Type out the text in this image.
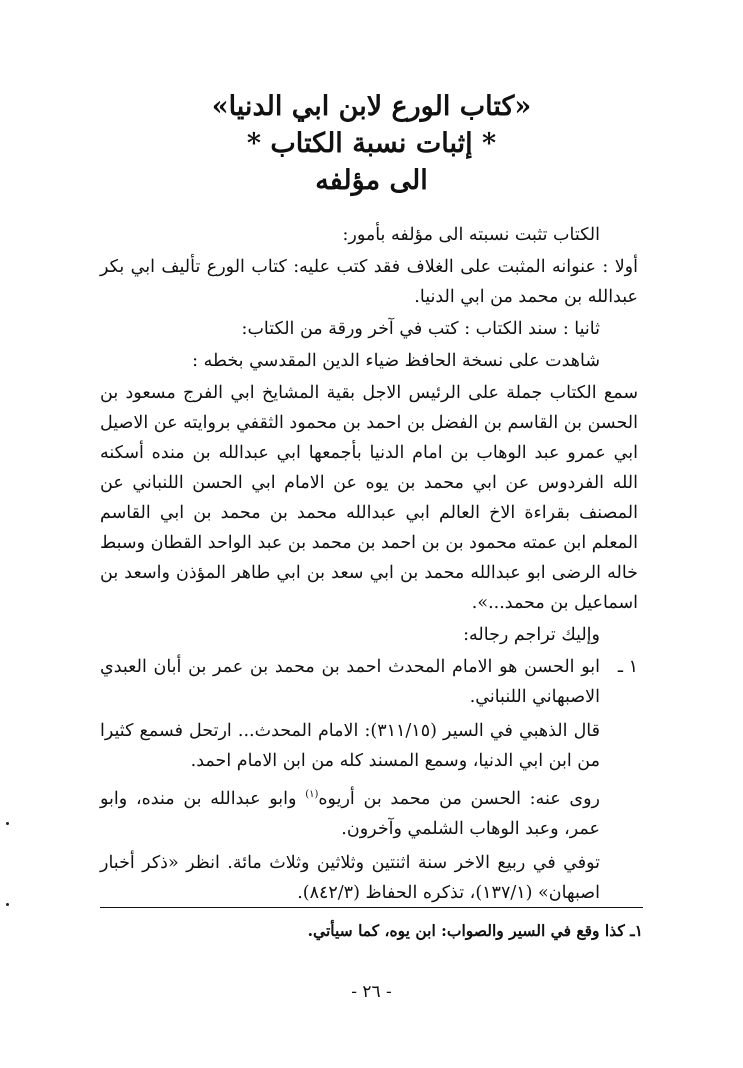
«كتاب الورع لابن ابي الدنيا»
* إثبات نسبة الكتاب *
الى مؤلفه

الكتاب تثبت نسبته الى مؤلفه بأمور:

أولا : عنوانه المثبت على الغلاف فقد كتب عليه: كتاب الورع تأليف ابي بكر عبدالله بن محمد من ابي الدنيا.

ثانيا : سند الكتاب : كتب في آخر ورقة من الكتاب:

شاهدت على نسخة الحافظ ضياء الدين المقدسي بخطه :

سمع الكتاب جملة على الرئيس الاجل بقية المشايخ ابي الفرج مسعود بن الحسن بن القاسم بن الفضل بن احمد بن محمود الثقفي بروايته عن الاصيل ابي عمرو عبد الوهاب بن امام الدنيا بأجمعها ابي عبدالله بن منده أسكنه الله الفردوس عن ابي محمد بن يوه عن الامام ابي الحسن اللنباني عن المصنف بقراءة الاخ العالم ابي عبدالله محمد بن محمد بن ابي القاسم المعلم ابن عمته محمود بن بن احمد بن محمد بن عبد الواحد القطان وسبط خاله الرضى ابو عبدالله محمد بن ابي سعد بن ابي طاهر المؤذن واسعد بن اسماعيل بن محمد...».

وإليك تراجم رجاله:

١ ـ

ابو الحسن هو الامام المحدث احمد بن محمد بن عمر بن أبان العبدي الاصبهاني اللنباني.

قال الذهبي في السير (٣١١/١٥): الامام المحدث... ارتحل فسمع كثيرا من ابن ابي الدنيا، وسمع المسند كله من ابن الامام احمد.

روى عنه: الحسن من محمد بن أريوه$^{(١)}$ وابو عبدالله بن منده، وابو عمر، وعبد الوهاب الشلمي وآخرون.

توفي في ربيع الاخر سنة اثنتين وثلاثين وثلاث مائة. انظر «ذكر أخبار اصبهان» (١٣٧/١)، تذكره الحفاظ (٨٤٢/٣).

١ـ كذا وقع في السير والصواب: ابن يوه، كما سيأتي.
- ٢٦ -
